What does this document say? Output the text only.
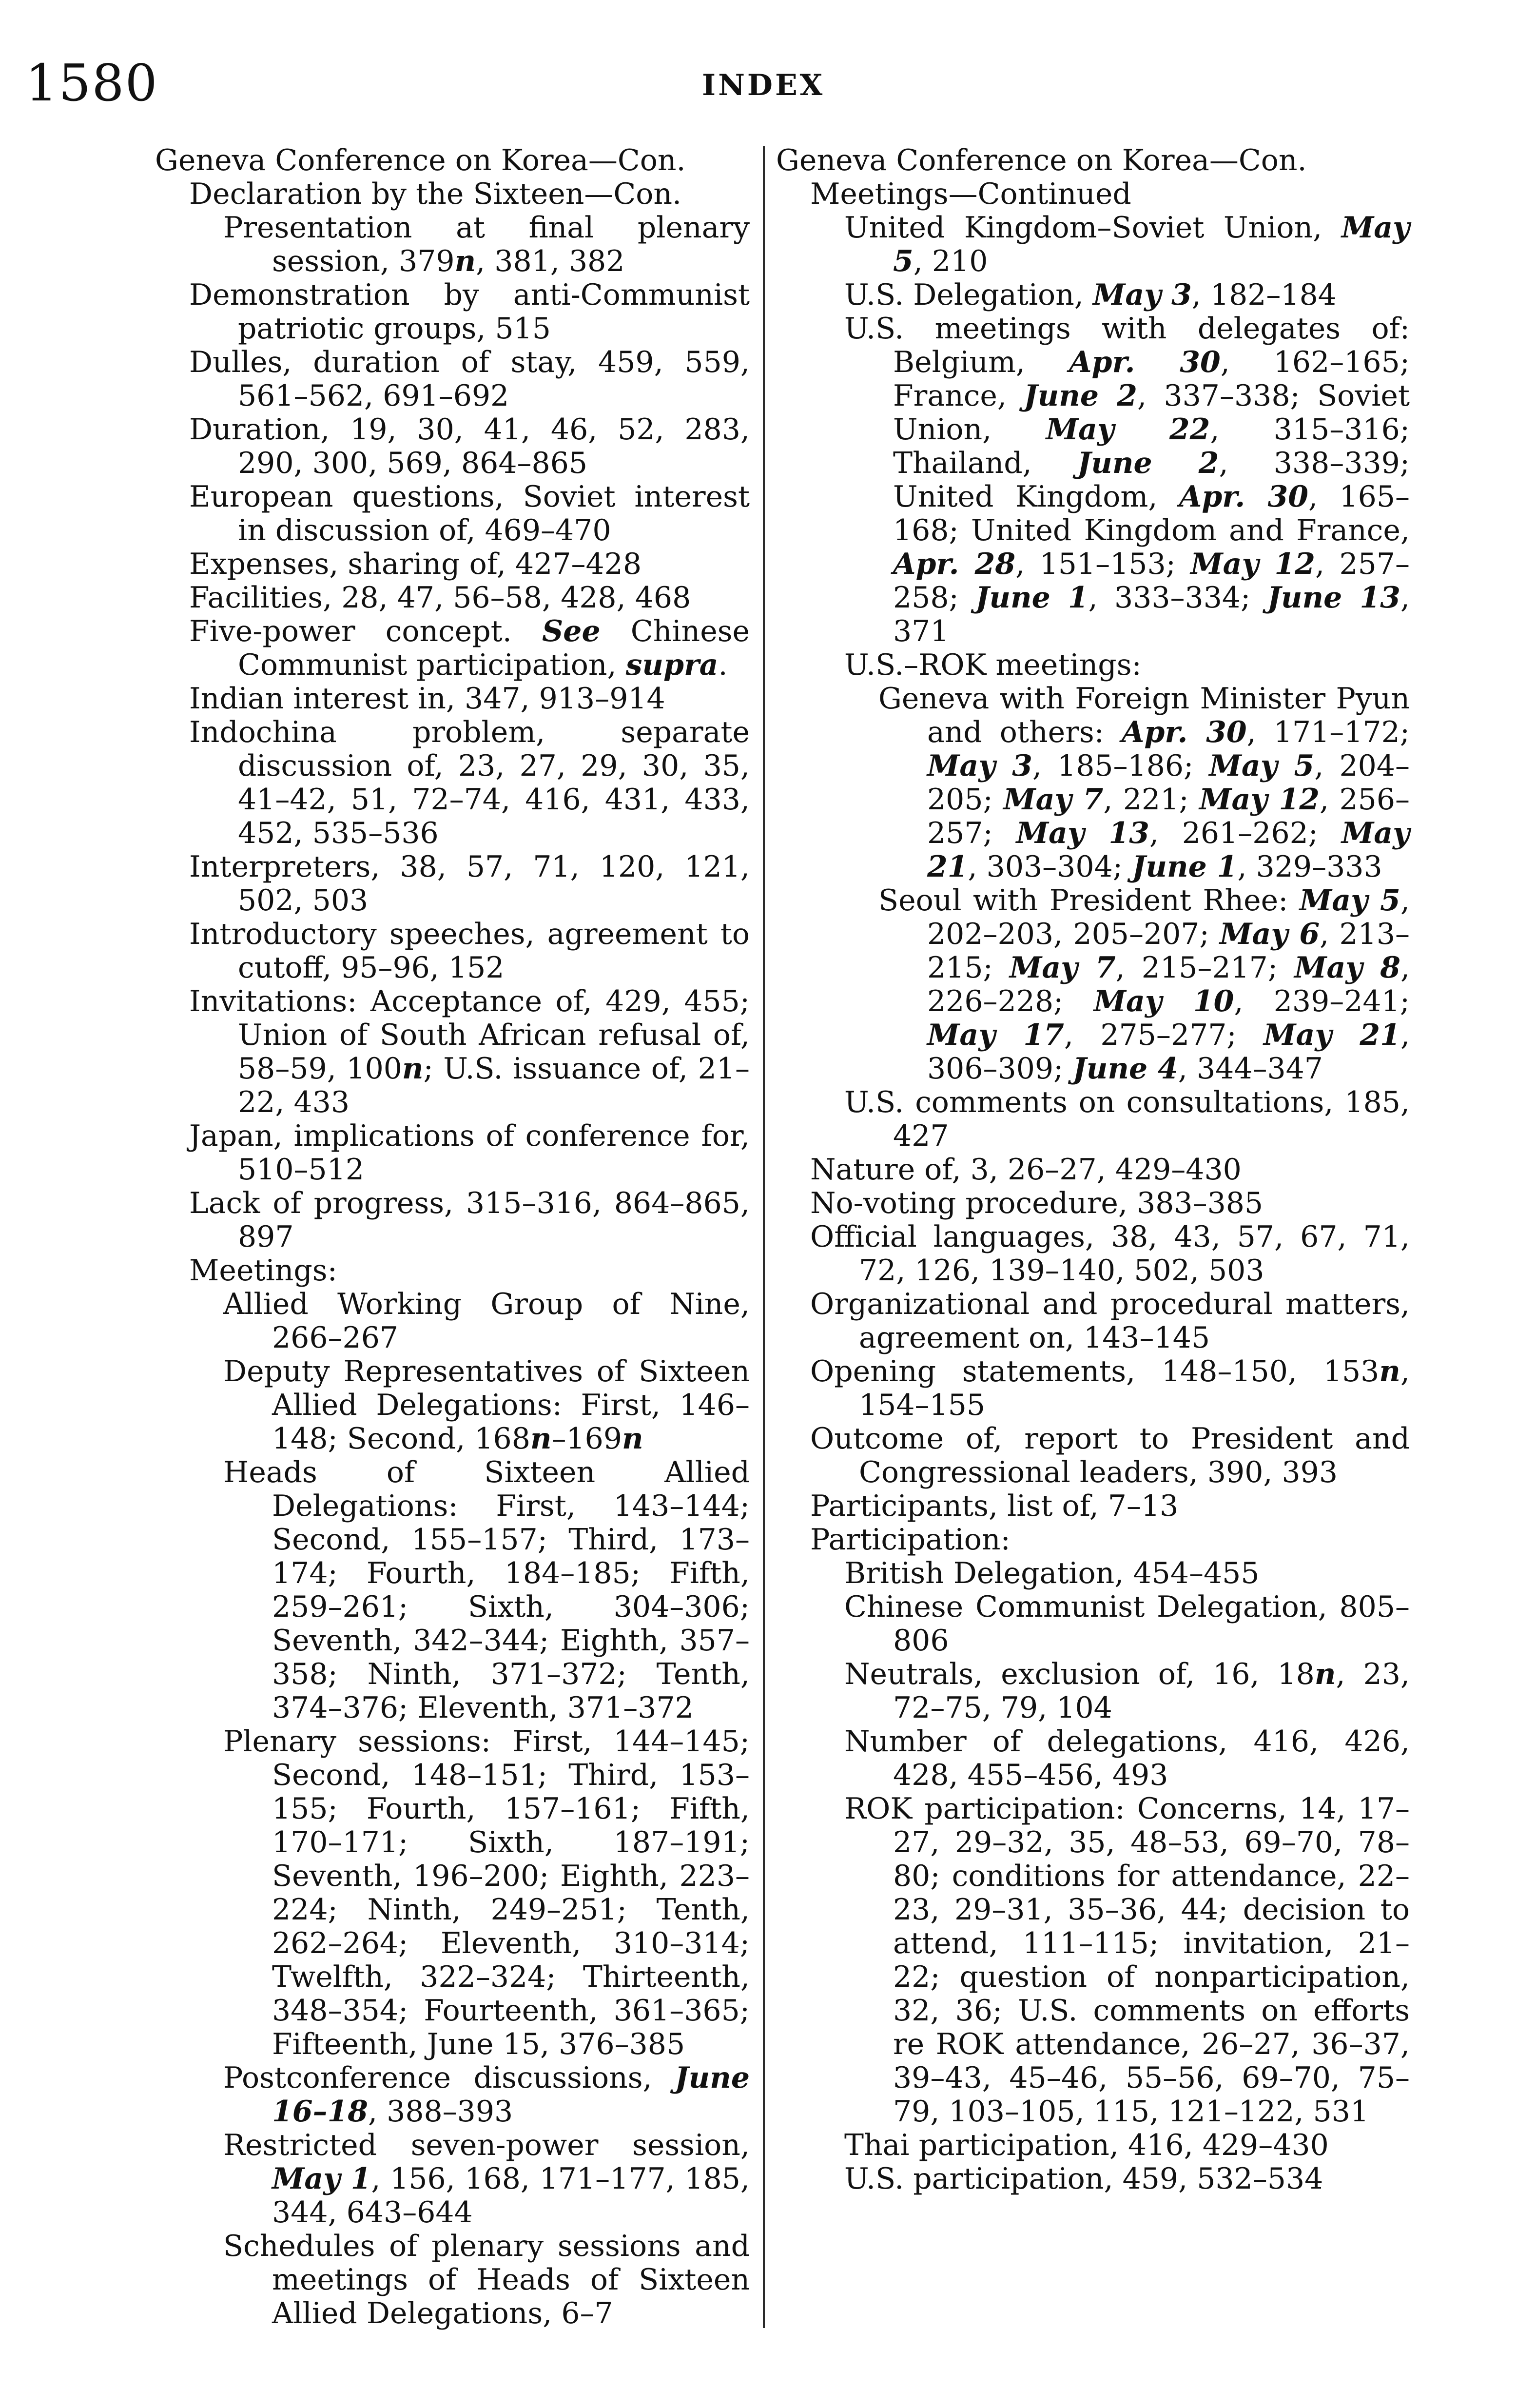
1580	INDEX

Geneva Conference on Korea—Con.

Declaration by the Sixteen—Con.

Presentation at final plenary session, 379n, 381, 382

Demonstration by anti-Communist patriotic groups, 515

Dulles, duration of stay, 459, 559, 561–562, 691–692

Duration, 19, 30, 41, 46, 52, 283, 290, 300, 569, 864–865

European questions, Soviet interest in discussion of, 469–470

Expenses, sharing of, 427–428

Facilities, 28, 47, 56–58, 428, 468

Five-power concept. See Chinese Communist participation, supra.

Indian interest in, 347, 913–914

Indochina problem, separate discussion of, 23, 27, 29, 30, 35, 41–42, 51, 72–74, 416, 431, 433, 452, 535–536

Interpreters, 38, 57, 71, 120, 121, 502, 503

Introductory speeches, agreement to cutoff, 95–96, 152

Invitations: Acceptance of, 429, 455; Union of South African refusal of, 58–59, 100n; U.S. issuance of, 21–22, 433

Japan, implications of conference for, 510–512

Lack of progress, 315–316, 864–865, 897

Meetings:

Allied Working Group of Nine, 266–267

Deputy Representatives of Sixteen Allied Delegations: First, 146–148; Second, 168n–169n

Heads of Sixteen Allied Delegations: First, 143–144; Second, 155–157; Third, 173–174; Fourth, 184–185; Fifth, 259–261; Sixth, 304–306; Seventh, 342–344; Eighth, 357–358; Ninth, 371–372; Tenth, 374–376; Eleventh, 371–372

Plenary sessions: First, 144–145; Second, 148–151; Third, 153–155; Fourth, 157–161; Fifth, 170–171; Sixth, 187–191; Seventh, 196–200; Eighth, 223–224; Ninth, 249–251; Tenth, 262–264; Eleventh, 310–314; Twelfth, 322–324; Thirteenth, 348–354; Fourteenth, 361–365; Fifteenth, June 15, 376–385

Postconference discussions, June 16–18, 388–393

Restricted seven-power session, May 1, 156, 168, 171–177, 185, 344, 643–644

Schedules of plenary sessions and meetings of Heads of Sixteen Allied Delegations, 6–7

Geneva Conference on Korea—Con.

Meetings—Continued

United Kingdom–Soviet Union, May 5, 210

U.S. Delegation, May 3, 182–184

U.S. meetings with delegates of: Belgium, Apr. 30, 162–165; France, June 2, 337–338; Soviet Union, May 22, 315–316; Thailand, June 2, 338–339; United Kingdom, Apr. 30, 165–168; United Kingdom and France, Apr. 28, 151–153; May 12, 257–258; June 1, 333–334; June 13, 371

U.S.–ROK meetings:

Geneva with Foreign Minister Pyun and others: Apr. 30, 171–172; May 3, 185–186; May 5, 204–205; May 7, 221; May 12, 256–257; May 13, 261–262; May 21, 303–304; June 1, 329–333

Seoul with President Rhee: May 5, 202–203, 205–207; May 6, 213–215; May 7, 215–217; May 8, 226–228; May 10, 239–241; May 17, 275–277; May 21, 306–309; June 4, 344–347

U.S. comments on consultations, 185, 427

Nature of, 3, 26–27, 429–430

No-voting procedure, 383–385

Official languages, 38, 43, 57, 67, 71, 72, 126, 139–140, 502, 503

Organizational and procedural matters, agreement on, 143–145

Opening statements, 148–150, 153n, 154–155

Outcome of, report to President and Congressional leaders, 390, 393

Participants, list of, 7–13

Participation:

British Delegation, 454–455

Chinese Communist Delegation, 805–806

Neutrals, exclusion of, 16, 18n, 23, 72–75, 79, 104

Number of delegations, 416, 426, 428, 455–456, 493

ROK participation: Concerns, 14, 17–27, 29–32, 35, 48–53, 69–70, 78–80; conditions for attendance, 22–23, 29–31, 35–36, 44; decision to attend, 111–115; invitation, 21–22; question of nonparticipation, 32, 36; U.S. comments on efforts re ROK attendance, 26–27, 36–37, 39–43, 45–46, 55–56, 69–70, 75–79, 103–105, 115, 121–122, 531

Thai participation, 416, 429–430

U.S. participation, 459, 532–534
